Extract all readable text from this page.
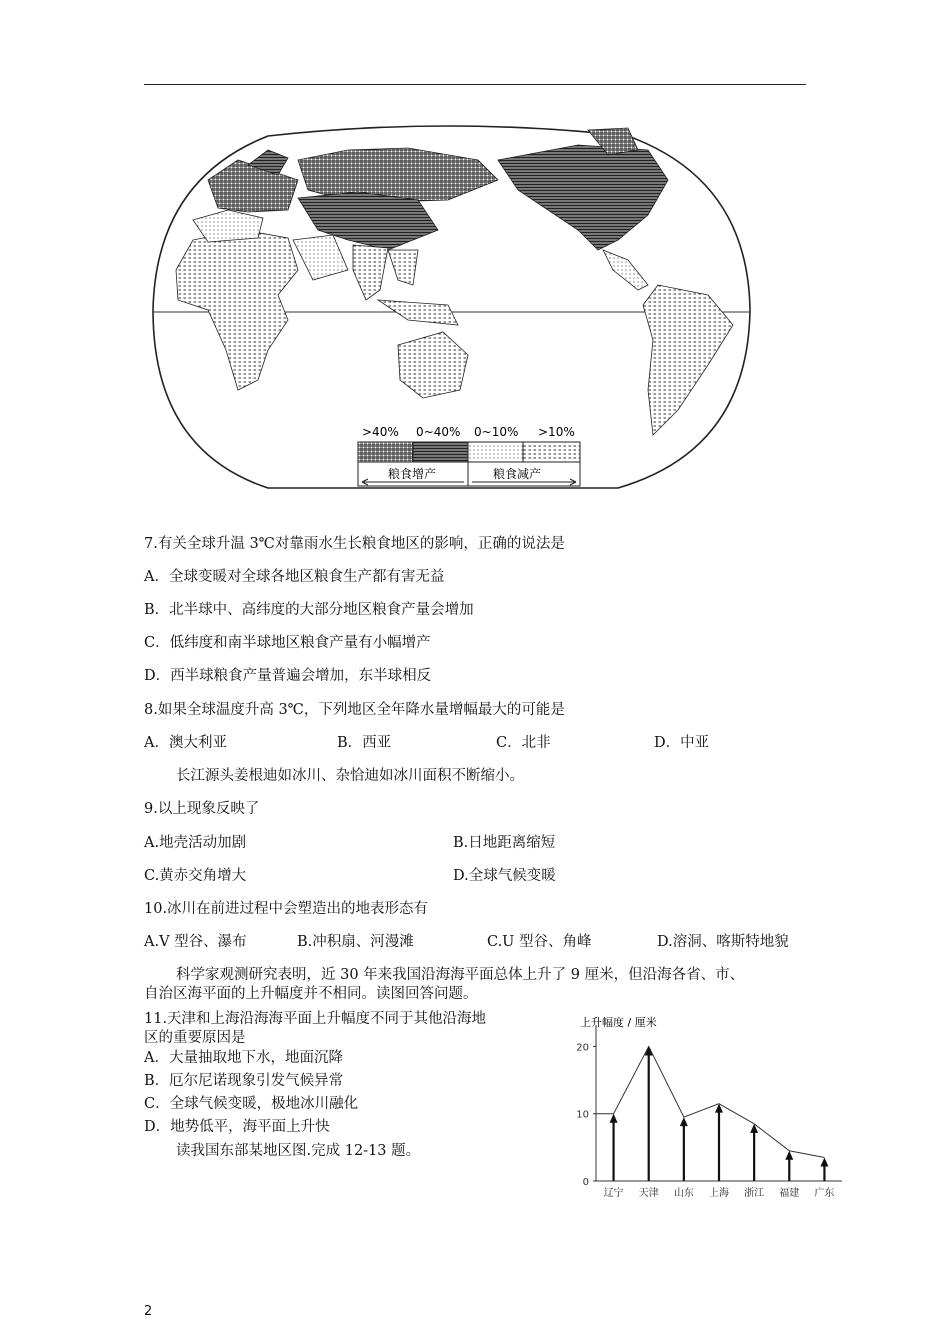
>40% 0~40% 0~10% >10%
粮食增产	粮食减产
7.有关全球升温 3℃对靠雨水生长粮食地区的影响，正确的说法是
A．全球变暖对全球各地区粮食生产都有害无益
B．北半球中、高纬度的大部分地区粮食产量会增加
C．低纬度和南半球地区粮食产量有小幅增产
D．西半球粮食产量普遍会增加，东半球相反
8.如果全球温度升高 3℃，下列地区全年降水量增幅最大的可能是
A．澳大利亚	B．西亚	C．北非	D．中亚
长江源头姜根迪如冰川、杂恰迪如冰川面积不断缩小。
9.以上现象反映了
A.地壳活动加剧	B.日地距离缩短
C.黄赤交角增大	D.全球气候变暖
10.冰川在前进过程中会塑造出的地表形态有
A.V 型谷、瀑布	B.冲积扇、河漫滩	C.U 型谷、角峰	D.溶洞、喀斯特地貌
科学家观测研究表明，近 30 年来我国沿海海平面总体上升了 9 厘米，但沿海各省、市、
自治区海平面的上升幅度并不相同。读图回答问题。
11.天津和上海沿海海平面上升幅度不同于其他沿海地
区的重要原因是
A．大量抽取地下水，地面沉降
B．厄尔尼诺现象引发气候异常
C．全球气候变暖，极地冰川融化
D．地势低平，海平面上升快
读我国东部某地区图.完成 12-13 题。
上升幅度 / 厘米
0
10
20
辽宁 天津 山东 上海 浙江 福建 广东
2
